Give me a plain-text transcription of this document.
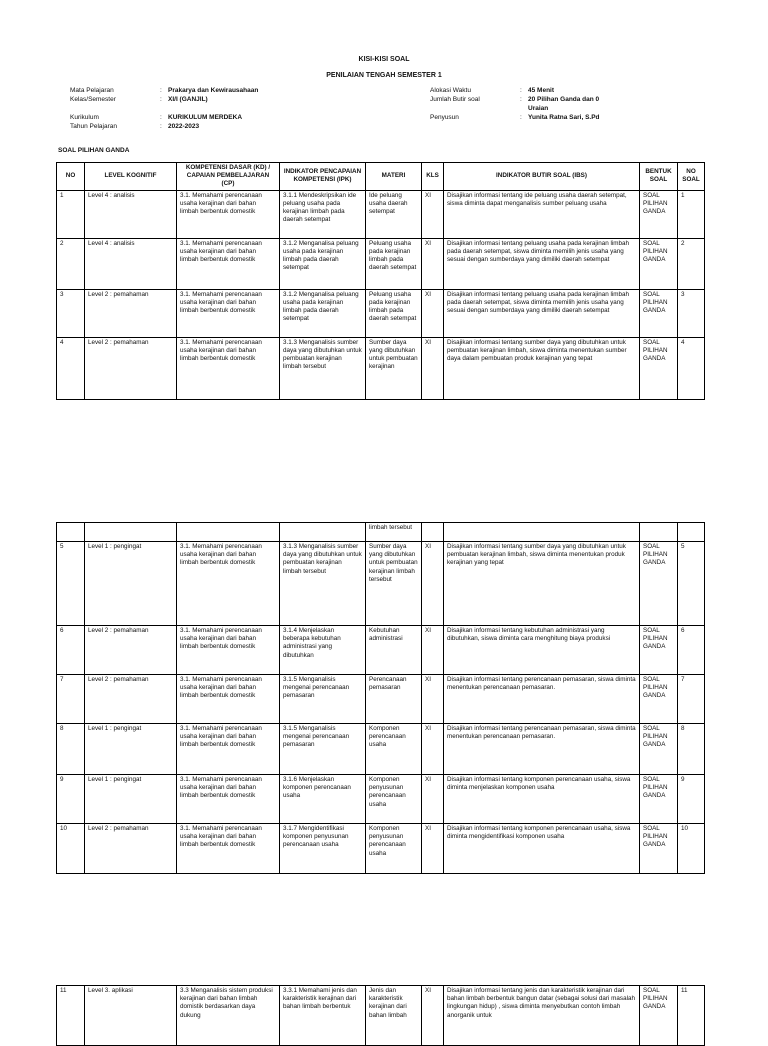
KISI-KISI SOAL
PENILAIAN TENGAH SEMESTER 1
Mata Pelajaran	: Prakarya dan Kewirausahaan
Kelas/Semester	: XI/I (GANJIL)
Kurikulum	: KURIKULUM MERDEKA
Tahun Pelajaran	: 2022-2023
Alokasi Waktu	: 45 Menit
Jumlah Butir soal	: 20 Pilihan Ganda dan 0
Uraian
Penyusun	: Yunita Ratna Sari, S.Pd
SOAL PILIHAN GANDA
NO	LEVEL KOGNITIF	KOMPETENSI DASAR (KD) / CAPAIAN PEMBELAJARAN (CP)	INDIKATOR PENCAPAIAN KOMPETENSI (IPK)	MATERI	KLS	INDIKATOR BUTIR SOAL (IBS)	BENTUK SOAL	NO SOAL
1	Level 4 : analisis	3.1. Memahami perencanaan usaha kerajinan dari bahan limbah berbentuk domestik	3.1.1 Mendeskripsikan ide peluang usaha pada kerajinan limbah pada daerah setempat	Ide peluang usaha daerah setempat	XI	Disajikan informasi tentang ide peluang usaha daerah setempat, siswa diminta dapat menganalisis sumber peluang usaha	SOAL PILIHAN GANDA	1
2	Level 4 : analisis	3.1. Memahami perencanaan usaha kerajinan dari bahan limbah berbentuk domestik	3.1.2 Menganalisa peluang usaha pada kerajinan limbah pada daerah setempat	Peluang usaha pada kerajinan limbah pada daerah setempat	XI	Disajikan informasi tentang peluang usaha pada kerajinan limbah pada daerah setempat, siswa diminta memilih jenis usaha yang sesuai dengan sumberdaya yang dimiliki daerah setempat	SOAL PILIHAN GANDA	2
3	Level 2 : pemahaman	3.1. Memahami perencanaan usaha kerajinan dari bahan limbah berbentuk domestik	3.1.2 Menganalisa peluang usaha pada kerajinan limbah pada daerah setempat	Peluang usaha pada kerajinan limbah pada daerah setempat	XI	Disajikan informasi tentang peluang usaha pada kerajinan limbah pada daerah setempat, siswa diminta memilih jenis usaha yang sesuai dengan sumberdaya yang dimiliki daerah setempat	SOAL PILIHAN GANDA	3
4	Level 2 : pemahaman	3.1. Memahami perencanaan usaha kerajinan dari bahan limbah berbentuk domestik	3.1.3 Menganalisis sumber daya yang dibutuhkan untuk pembuatan kerajinan limbah tersebut	Sumber daya yang dibutuhkan untuk pembuatan kerajinan	XI	Disajikan informasi tentang sumber daya yang dibutuhkan untuk pembuatan kerajinan limbah, siswa diminta menentukan sumber daya dalam pembuatan produk kerajinan yang tepat	SOAL PILIHAN GANDA	4
				limbah tersebut				
5	Level 1 : pengingat	3.1. Memahami perencanaan usaha kerajinan dari bahan limbah berbentuk domestik	3.1.3 Menganalisis sumber daya yang dibutuhkan untuk pembuatan kerajinan limbah tersebut	Sumber daya yang dibutuhkan untuk pembuatan kerajinan limbah tersebut	XI	Disajikan informasi tentang sumber daya yang dibutuhkan untuk pembuatan kerajinan limbah, siswa diminta menentukan produk kerajinan yang tepat	SOAL PILIHAN GANDA	5
6	Level 2 : pemahaman	3.1. Memahami perencanaan usaha kerajinan dari bahan limbah berbentuk domestik	3.1.4 Menjelaskan beberapa kebutuhan administrasi yang dibutuhkan	Kebutuhan administrasi	XI	Disajikan informasi tentang kebutuhan administrasi yang dibutuhkan, siswa diminta cara menghitung biaya produksi	SOAL PILIHAN GANDA	6
7	Level 2 : pemahaman	3.1. Memahami perencanaan usaha kerajinan dari bahan limbah berbentuk domestik	3.1.5 Menganalisis mengenai perencanaan pemasaran	Perencanaan pemasaran	XI	Disajikan informasi tentang perencanaan pemasaran, siswa diminta menentukan perencanaan pemasaran.	SOAL PILIHAN GANDA	7
8	Level 1 : pengingat	3.1. Memahami perencanaan usaha kerajinan dari bahan limbah berbentuk domestik	3.1.5 Menganalisis mengenai perencanaan pemasaran	Komponen perencanaan usaha	XI	Disajikan informasi tentang perencanaan pemasaran, siswa diminta menentukan perencanaan pemasaran.	SOAL PILIHAN GANDA	8
9	Level 1 : pengingat	3.1. Memahami perencanaan usaha kerajinan dari bahan limbah berbentuk domestik	3.1.6 Menjelaskan komponen perencanaan usaha	Komponen penyusunan perencanaan usaha	XI	Disajikan informasi tentang komponen perencanaan usaha, siswa diminta menjelaskan komponen usaha	SOAL PILIHAN GANDA	9
10	Level 2 : pemahaman	3.1. Memahami perencanaan usaha kerajinan dari bahan limbah berbentuk domestik	3.1.7 Mengidentifikasi komponen penyusunan perencanaan usaha	Komponen penyusunan perencanaan usaha	XI	Disajikan informasi tentang komponen perencanaan usaha, siswa diminta mengidentifikasi komponen usaha	SOAL PILIHAN GANDA	10
11	Level 3. aplikasi	3.3 Menganalisis sistem produksi kerajinan dari bahan limbah domistik berdasarkan daya dukung	3.3.1 Memahami jenis dan karakteristik kerajinan dari bahan limbah berbentuk	Jenis dan karakteristik kerajinan dari bahan limbah	XI	Disajikan informasi tentang jenis dan karakteristik kerajinan dari bahan limbah berbentuk bangun datar (sebagai solusi dari masalah lingkungan hidup) , siswa diminta menyebutkan contoh limbah anorganik untuk	SOAL PILIHAN GANDA	11
